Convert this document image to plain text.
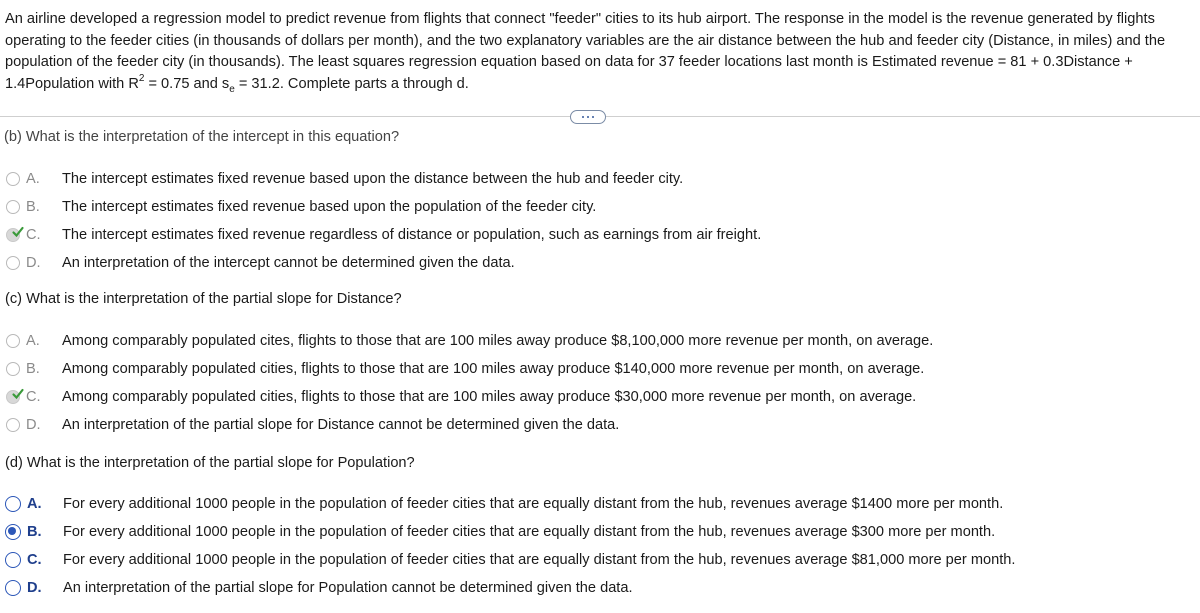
An airline developed a regression model to predict revenue from flights that connect "feeder" cities to its hub airport. The response in the model is the revenue generated by flights operating to the feeder cities (in thousands of dollars per month), and the two explanatory variables are the air distance between the hub and feeder city (Distance, in miles) and the population of the feeder city (in thousands). The least squares regression equation based on data for 37 feeder locations last month is Estimated revenue = 81 + 0.3Distance + 1.4Population with $R^2 = 0.75$ and $s_e = 31.2$. Complete parts a through d.
(b) What is the interpretation of the intercept in this equation?
A.	The intercept estimates fixed revenue based upon the distance between the hub and feeder city.
B.	The intercept estimates fixed revenue based upon the population of the feeder city.
C.	The intercept estimates fixed revenue regardless of distance or population, such as earnings from air freight.
D.	An interpretation of the intercept cannot be determined given the data.
(c) What is the interpretation of the partial slope for Distance?
A.	Among comparably populated cites, flights to those that are 100 miles away produce $8,100,000 more revenue per month, on average.
B.	Among comparably populated cities, flights to those that are 100 miles away produce $140,000 more revenue per month, on average.
C.	Among comparably populated cities, flights to those that are 100 miles away produce $30,000 more revenue per month, on average.
D.	An interpretation of the partial slope for Distance cannot be determined given the data.
(d) What is the interpretation of the partial slope for Population?
A.	For every additional 1000 people in the population of feeder cities that are equally distant from the hub, revenues average $1400 more per month.
B.	For every additional 1000 people in the population of feeder cities that are equally distant from the hub, revenues average $300 more per month.
C.	For every additional 1000 people in the population of feeder cities that are equally distant from the hub, revenues average $81,000 more per month.
D.	An interpretation of the partial slope for Population cannot be determined given the data.
